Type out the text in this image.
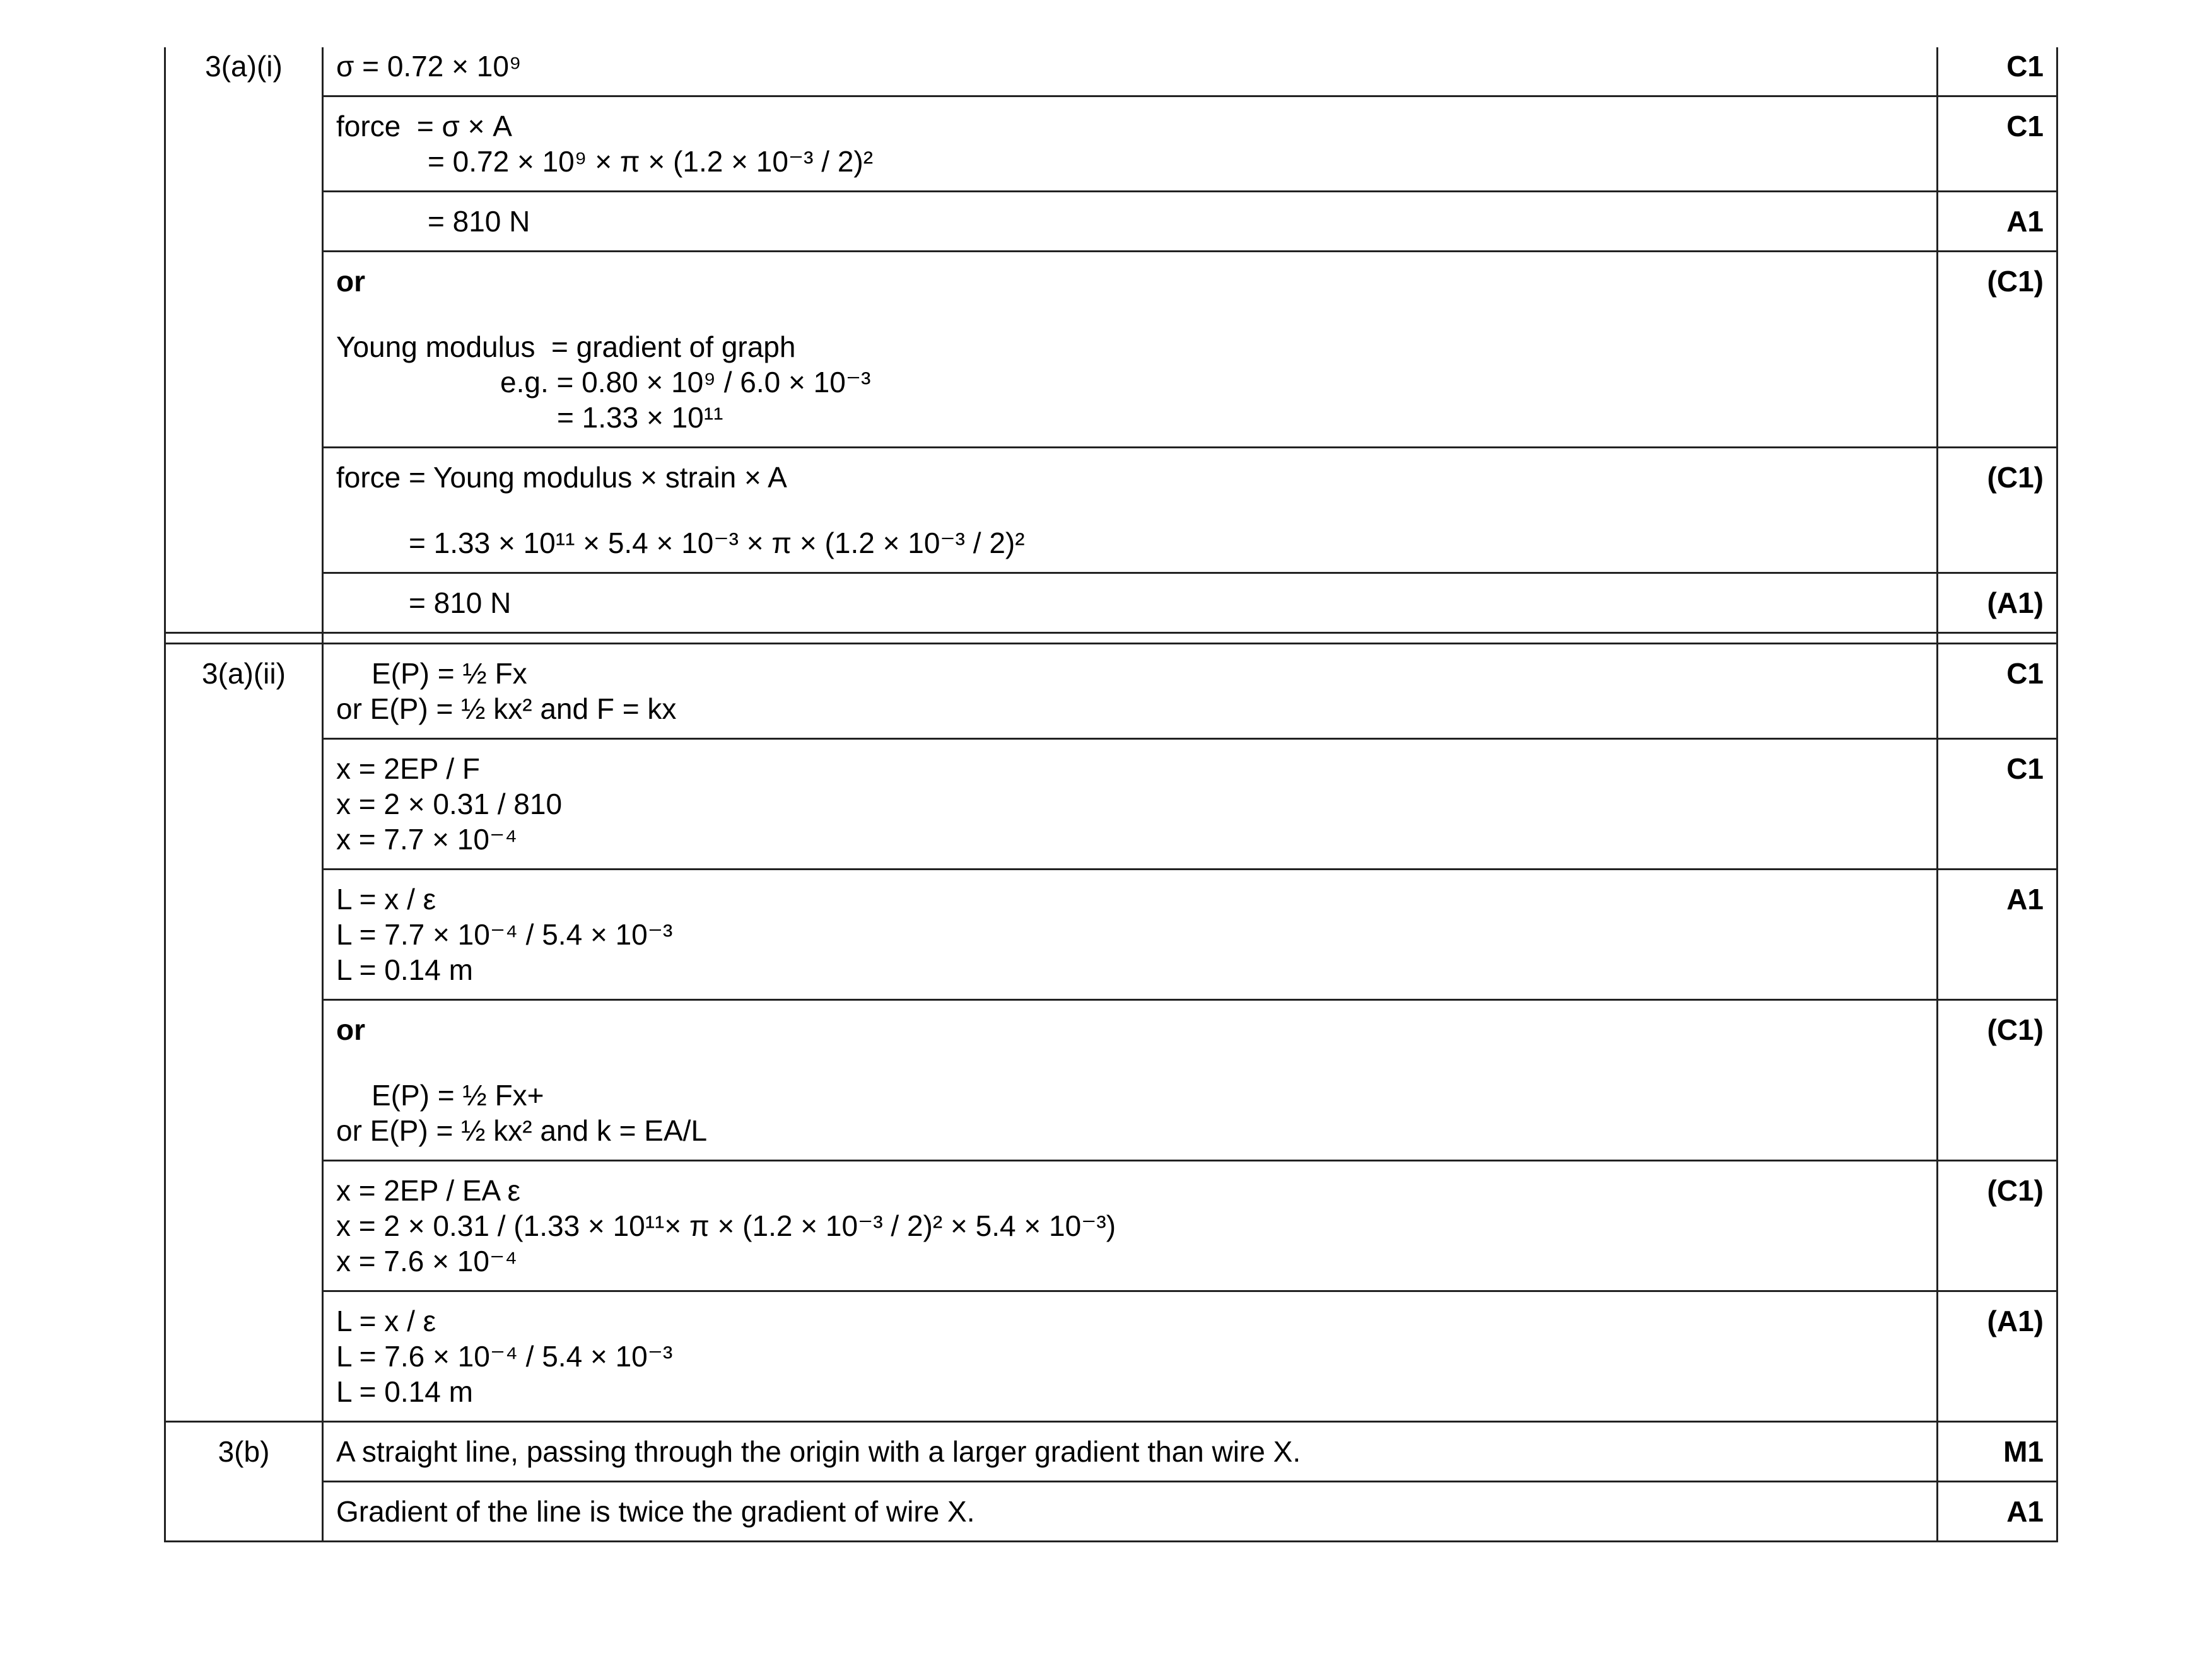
3(a)(i)	σ = 0.72 × 10⁹	C1

	force = σ × A
= 0.72 × 10⁹ × π × (1.2 × 10⁻³ / 2)²	C1

	= 810 N	A1

	or
Young modulus = gradient of graph
e.g. = 0.80 × 10⁹ / 6.0 × 10⁻³
= 1.33 × 10¹¹	(C1)

	force = Young modulus × strain × A
= 1.33 × 10¹¹ × 5.4 × 10⁻³ × π × (1.2 × 10⁻³ / 2)²	(C1)

	= 810 N	(A1)

3(a)(ii)	E(P) = ½ Fx
or E(P) = ½ kx² and F = kx	C1

	x = 2EP / F
x = 2 × 0.31 / 810
x = 7.7 × 10⁻⁴	C1

	L = x / ε
L = 7.7 × 10⁻⁴ / 5.4 × 10⁻³
L = 0.14 m	A1

	or
E(P) = ½ Fx+
or E(P) = ½ kx² and k = EA/L	(C1)

	x = 2EP / EA ε
x = 2 × 0.31 / (1.33 × 10¹¹× π × (1.2 × 10⁻³ / 2)² × 5.4 × 10⁻³)
x = 7.6 × 10⁻⁴	(C1)

	L = x / ε
L = 7.6 × 10⁻⁴ / 5.4 × 10⁻³
L = 0.14 m	(A1)
3(b)	A straight line, passing through the origin with a larger gradient than wire X.	M1

	Gradient of the line is twice the gradient of wire X.	A1
